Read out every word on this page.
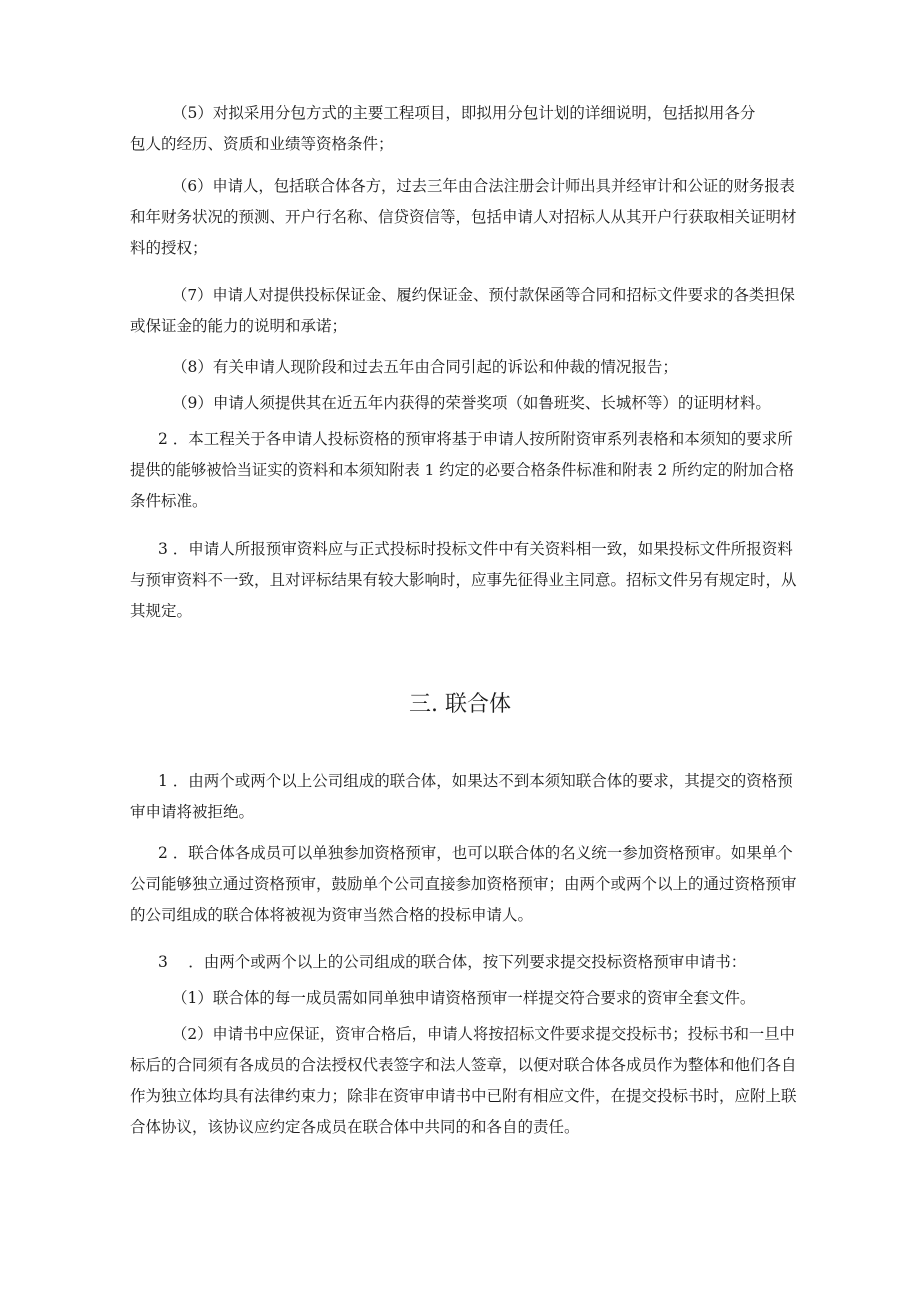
（5）对拟采用分包方式的主要工程项目，即拟用分包计划的详细说明，包括拟用各分
包人的经历、资质和业绩等资格条件；

（6）申请人，包括联合体各方，过去三年由合法注册会计师出具并经审计和公证的财务报表
和年财务状况的预测、开户行名称、信贷资信等，包括申请人对招标人从其开户行获取相关证明材
料的授权；

（7）申请人对提供投标保证金、履约保证金、预付款保函等合同和招标文件要求的各类担保
或保证金的能力的说明和承诺；

（8）有关申请人现阶段和过去五年由合同引起的诉讼和仲裁的情况报告；

（9）申请人须提供其在近五年内获得的荣誉奖项（如鲁班奖、长城杯等）的证明材料。

2 ．本工程关于各申请人投标资格的预审将基于申请人按所附资审系列表格和本须知的要求所
提供的能够被恰当证实的资料和本须知附表 1 约定的必要合格条件标准和附表 2 所约定的附加合格
条件标准。

3 ．申请人所报预审资料应与正式投标时投标文件中有关资料相一致，如果投标文件所报资料
与预审资料不一致，且对评标结果有较大影响时，应事先征得业主同意。招标文件另有规定时，从
其规定。

三. 联合体

1 ．由两个或两个以上公司组成的联合体，如果达不到本须知联合体的要求，其提交的资格预
审申请将被拒绝。

2 ．联合体各成员可以单独参加资格预审，也可以联合体的名义统一参加资格预审。如果单个
公司能够独立通过资格预审，鼓励单个公司直接参加资格预审；由两个或两个以上的通过资格预审
的公司组成的联合体将被视为资审当然合格的投标申请人。

3 　．由两个或两个以上的公司组成的联合体，按下列要求提交投标资格预审申请书：

（1）联合体的每一成员需如同单独申请资格预审一样提交符合要求的资审全套文件。

（2）申请书中应保证，资审合格后，申请人将按招标文件要求提交投标书；投标书和一旦中
标后的合同须有各成员的合法授权代表签字和法人签章，以便对联合体各成员作为整体和他们各自
作为独立体均具有法律约束力；除非在资审申请书中已附有相应文件，在提交投标书时，应附上联
合体协议，该协议应约定各成员在联合体中共同的和各自的责任。
